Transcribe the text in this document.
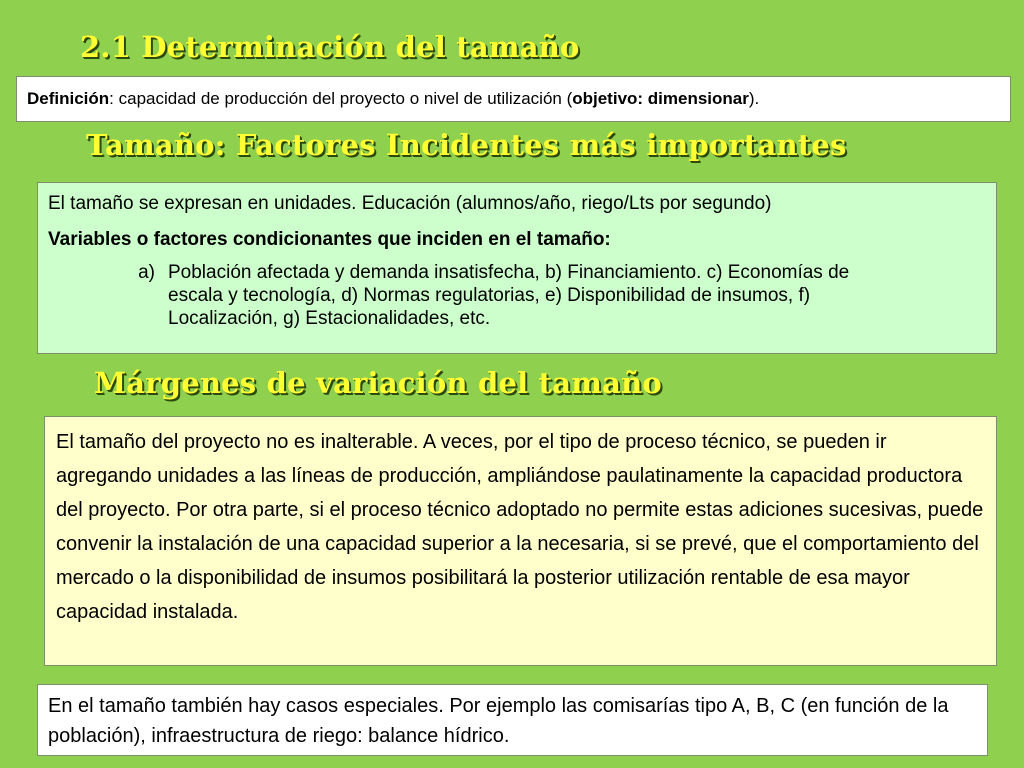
2.1 Determinación del tamaño
Definición: capacidad de producción del proyecto o nivel de utilización (objetivo: dimensionar).
Tamaño: Factores Incidentes más importantes

El tamaño se expresan en unidades. Educación (alumnos/año, riego/Lts por segundo)

Variables o factores condicionantes que inciden en el tamaño:

a) Población afectada y demanda insatisfecha, b) Financiamiento. c) Economías de escala y tecnología, d) Normas regulatorias, e) Disponibilidad de insumos, f) Localización, g) Estacionalidades, etc.
Márgenes de variación del tamaño
El tamaño del proyecto no es inalterable. A veces, por el tipo de proceso técnico, se pueden ir agregando unidades a las líneas de producción, ampliándose paulatinamente la capacidad productora del proyecto. Por otra parte, si el proceso técnico adoptado no permite estas adiciones sucesivas, puede convenir la instalación de una capacidad superior a la necesaria, si se prevé, que el comportamiento del mercado o la disponibilidad de insumos posibilitará la posterior utilización rentable de esa mayor capacidad instalada.
En el tamaño también hay casos especiales. Por ejemplo las comisarías tipo A, B, C (en función de la población), infraestructura de riego: balance hídrico.
